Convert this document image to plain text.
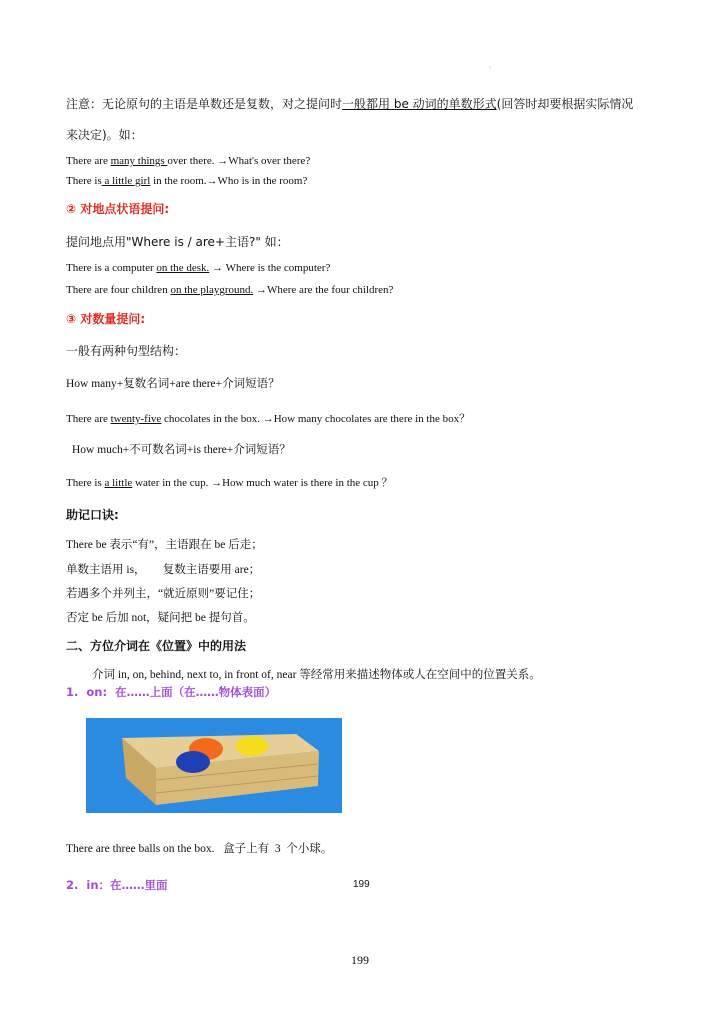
'
注意：无论原句的主语是单数还是复数，对之提问时一般都用 be 动词的单数形式(回答时却要根据实际情况
来决定)。如：
There are many things over there. →What's over there?
There is a little girl in the room.→Who is in the room?
② 对地点状语提问:
提问地点用"Where is / are+主语?" 如：
There is a computer on the desk. → Where is the computer?
There are four children on the playground. →Where are the four children?
③ 对数量提问:
一般有两种句型结构：
How many+复数名词+are there+介词短语？
There are twenty-five chocolates in the box. →How many chocolates are there in the box？
How much+不可数名词+is there+介词短语？
There is a little water in the cup. →How much water is there in the cup ？
助记口诀:
There be 表示“有”，主语跟在 be 后走；
单数主语用 is，      复数主语要用 are；
若遇多个并列主，“就近原则”要记住；
否定 be 后加 not，疑问把 be 提句首。
二、方位介词在《位置》中的用法
介词 in, on, behind, next to, in front of, near 等经常用来描述物体或人在空间中的位置关系。
1.  on:  在……上面（在……物体表面）
There are three balls on the box.   盒子上有  3  个小球。
2.  in：在……里面	199
199
